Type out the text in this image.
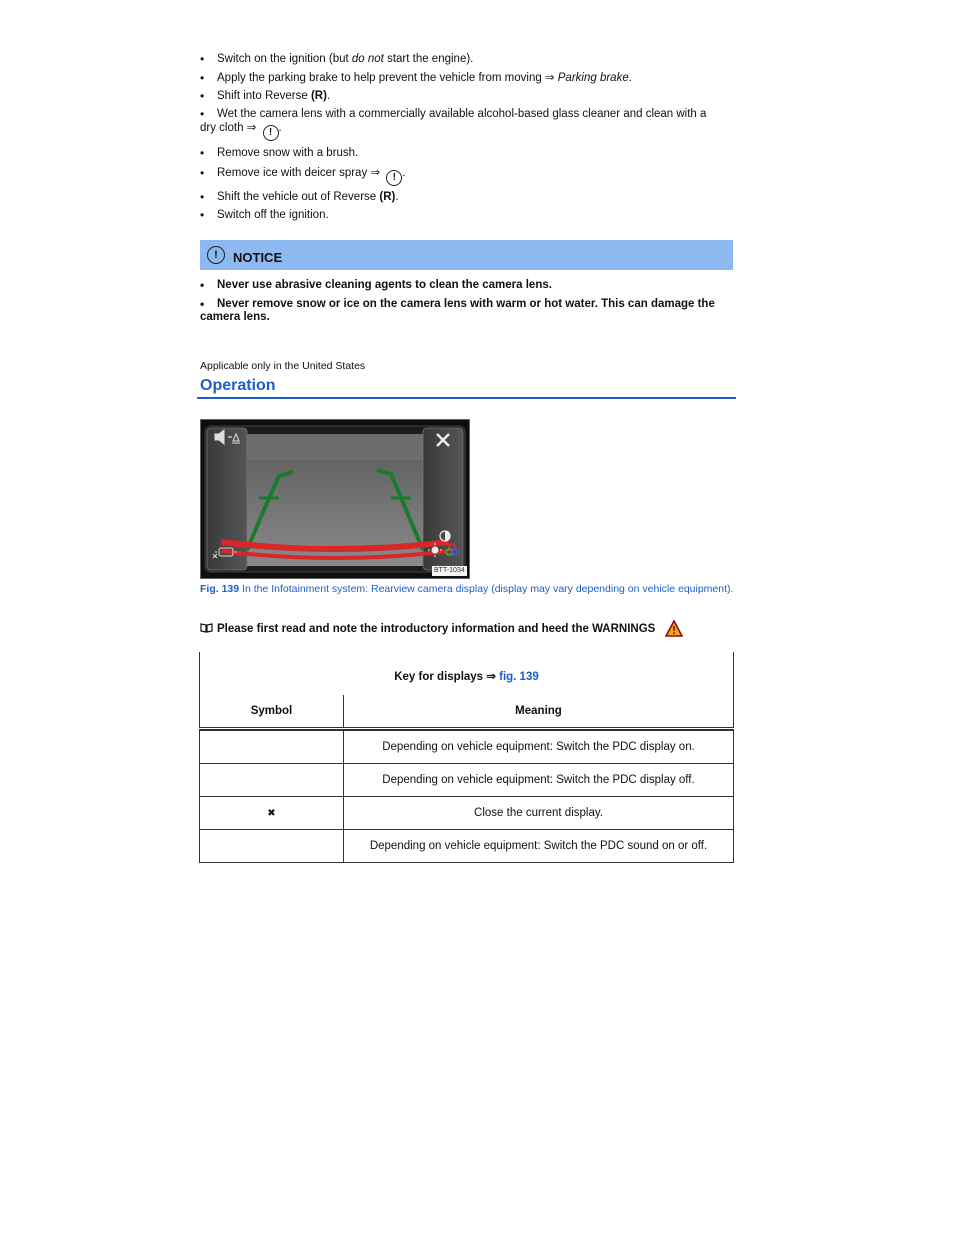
• Switch on the ignition (but do not start the engine).
• Apply the parking brake to help prevent the vehicle from moving ⇒ Parking brake.
• Shift into Reverse (R).
• Wet the camera lens with a commercially available alcohol-based glass cleaner and clean with a
dry cloth ⇒ ! .
• Remove snow with a brush.
• Remove ice with deicer spray ⇒ ! .
• Shift the vehicle out of Reverse (R).
• Switch off the ignition.
!	NOTICE
• Never use abrasive cleaning agents to clean the camera lens.
• Never remove snow or ice on the camera lens with warm or hot water. This can damage the camera lens.
Applicable only in the United States
Operation
BTT-1034
Fig. 139 In the Infotainment system: Rearview camera display (display may vary depending on vehicle equipment).
Please first read and note the introductory information and heed the WARNINGS
Key for displays ⇒ fig. 139	
Symbol	Meaning

	Depending on vehicle equipment: Switch the PDC display on.
	Depending on vehicle equipment: Switch the PDC display off.
✖	Close the current display.
	Depending on vehicle equipment: Switch the PDC sound on or off.
